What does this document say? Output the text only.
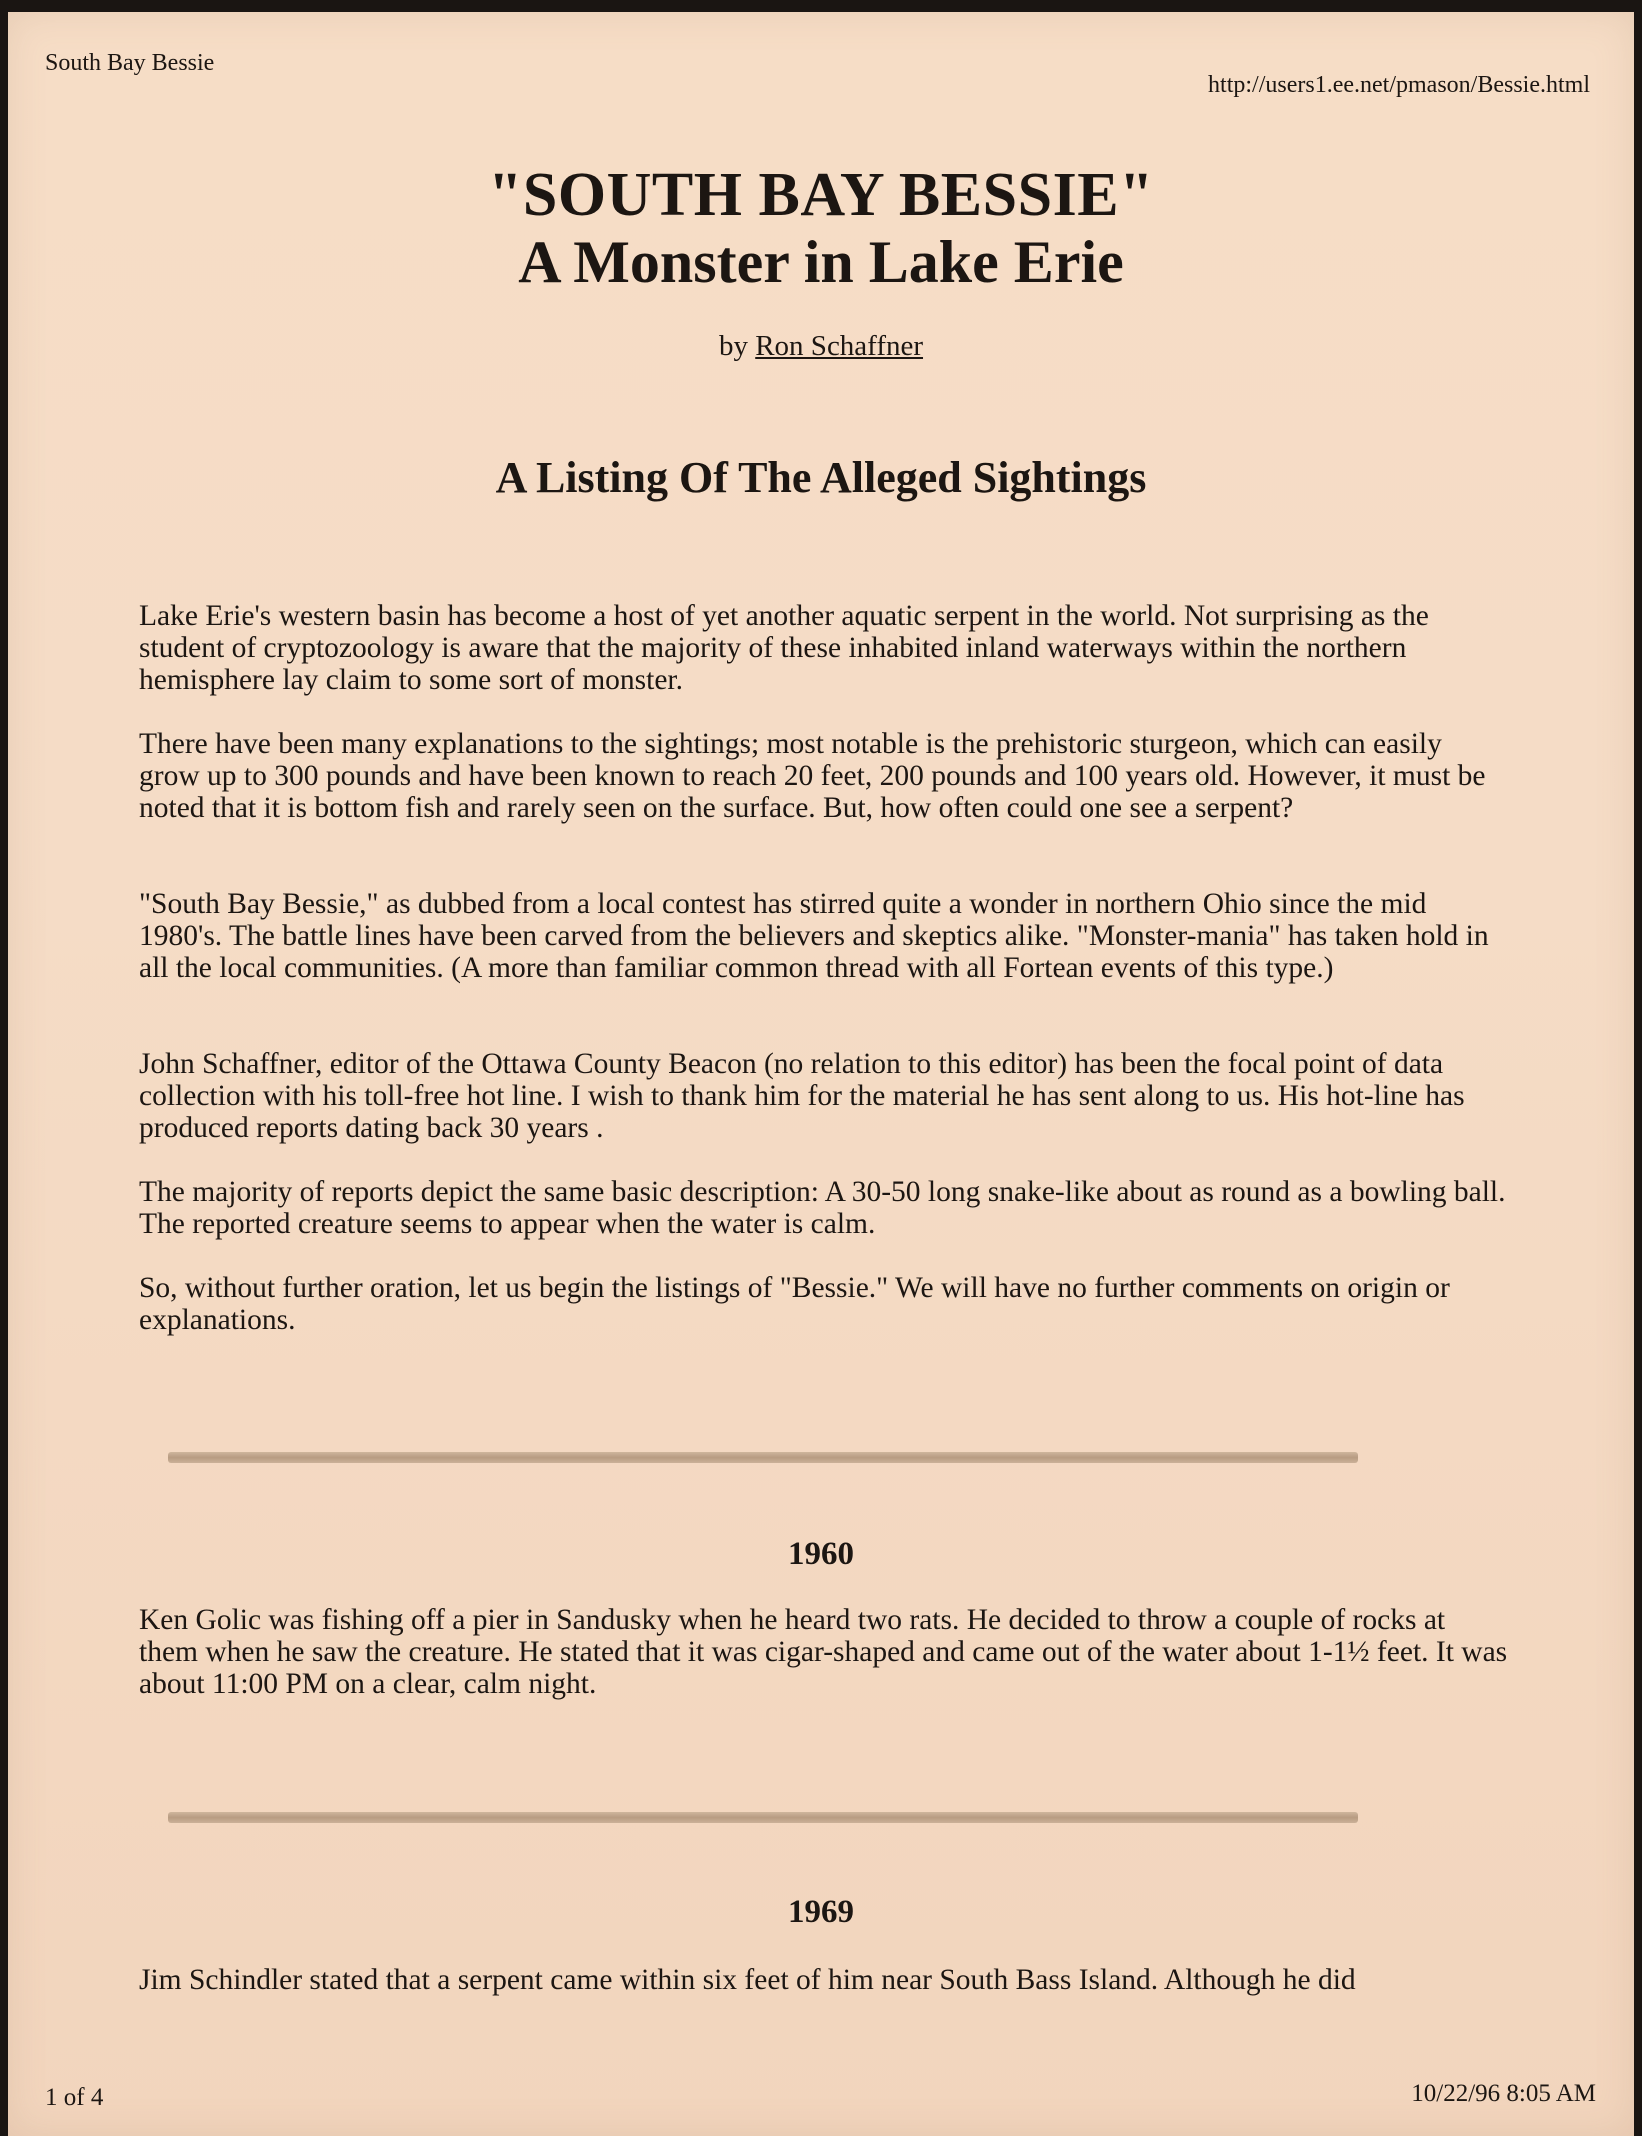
South Bay Bessie
http://users1.ee.net/pmason/Bessie.html
"SOUTH BAY BESSIE"
A Monster in Lake Erie
by Ron Schaffner
A Listing Of The Alleged Sightings
Lake Erie's western basin has become a host of yet another aquatic serpent in the world. Not surprising as the student of cryptozoology is aware that the majority of these inhabited inland waterways within the northern hemisphere lay claim to some sort of monster.
There have been many explanations to the sightings; most notable is the prehistoric sturgeon, which can easily grow up to 300 pounds and have been known to reach 20 feet, 200 pounds and 100 years old. However, it must be noted that it is bottom fish and rarely seen on the surface. But, how often could one see a serpent?
"South Bay Bessie," as dubbed from a local contest has stirred quite a wonder in northern Ohio since the mid 1980's. The battle lines have been carved from the believers and skeptics alike. "Monster-mania" has taken hold in all the local communities. (A more than familiar common thread with all Fortean events of this type.)
John Schaffner, editor of the Ottawa County Beacon (no relation to this editor) has been the focal point of data collection with his toll-free hot line. I wish to thank him for the material he has sent along to us. His hot-line has produced reports dating back 30 years .
The majority of reports depict the same basic description: A 30-50 long snake-like about as round as a bowling ball. The reported creature seems to appear when the water is calm.
So, without further oration, let us begin the listings of "Bessie." We will have no further comments on origin or explanations.
1960
Ken Golic was fishing off a pier in Sandusky when he heard two rats. He decided to throw a couple of rocks at them when he saw the creature. He stated that it was cigar-shaped and came out of the water about 1-1½ feet. It was about 11:00 PM on a clear, calm night.
1969
Jim Schindler stated that a serpent came within six feet of him near South Bass Island. Although he did
1 of 4	10/22/96 8:05 AM
